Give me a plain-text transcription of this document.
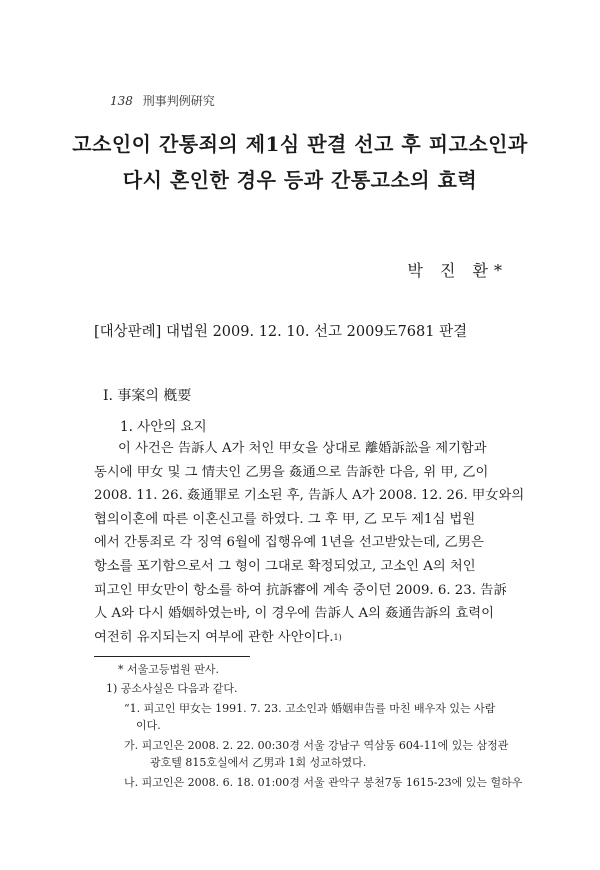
138 刑事判例硏究
고소인이 간통죄의 제1심 판결 선고 후 피고소인과
다시 혼인한 경우 등과 간통고소의 효력
박 진 환*
[대상판례] 대법원 2009. 12. 10. 선고 2009도7681 판결
Ⅰ. 事案의 槪要
1. 사안의 요지
이 사건은 告訴人 A가 처인 甲女을 상대로 離婚訴訟을 제기함과
동시에 甲女 및 그 情夫인 乙男을 姦通으로 告訴한 다음, 위 甲, 乙이
2008. 11. 26. 姦通罪로 기소된 후, 告訴人 A가 2008. 12. 26. 甲女와의
협의이혼에 따른 이혼신고를 하였다. 그 후 甲, 乙 모두 제1심 법원
에서 간통죄로 각 징역 6월에 집행유예 1년을 선고받았는데, 乙男은
항소를 포기함으로서 그 형이 그대로 확정되었고, 고소인 A의 처인
피고인 甲女만이 항소를 하여 抗訴審에 계속 중이던 2009. 6. 23. 告訴
人 A와 다시 婚姻하였는바, 이 경우에 告訴人 A의 姦通告訴의 효력이
여전히 유지되는지 여부에 관한 사안이다. 1)
* 서울고등법원 판사.
1) 공소사실은 다음과 같다.
“1. 피고인 甲女는 1991. 7. 23. 고소인과 婚姻申告를 마친 배우자 있는 사람
이다.
가. 피고인은 2008. 2. 22. 00:30경 서울 강남구 역삼동 604-11에 있는 삼정관
광호텔 815호실에서 乙男과 1회 성교하였다.
나. 피고인은 2008. 6. 18. 01:00경 서울 관악구 봉천7동 1615-23에 있는 헐하우
